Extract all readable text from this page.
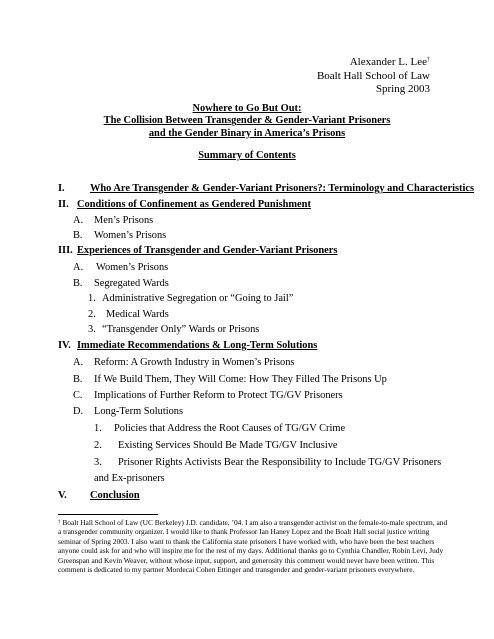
Alexander L. Lee†
Boalt Hall School of Law
Spring 2003
Nowhere to Go But Out:
The Collision Between Transgender & Gender-Variant Prisoners
and the Gender Binary in America’s Prisons
Summary of Contents
I. Who Are Transgender & Gender-Variant Prisoners?: Terminology and Characteristics
II. Conditions of Confinement as Gendered Punishment
A. Men’s Prisons
B. Women’s Prisons
III. Experiences of Transgender and Gender-Variant Prisoners
A. Women’s Prisons
B. Segregated Wards
1. Administrative Segregation or “Going to Jail”
2. Medical Wards
3. “Transgender Only” Wards or Prisons
IV. Immediate Recommendations & Long-Term Solutions
A. Reform: A Growth Industry in Women’s Prisons
B. If We Build Them, They Will Come: How They Filled The Prisons Up
C. Implications of Further Reform to Protect TG/GV Prisoners
D. Long-Term Solutions
1. Policies that Address the Root Causes of TG/GV Crime
2. Existing Services Should Be Made TG/GV Inclusive
3. Prisoner Rights Activists Bear the Responsibility to Include TG/GV Prisoners
and Ex-prisoners
V. Conclusion
† Boalt Hall School of Law (UC Berkeley) J.D. candidate, ’04. I am also a transgender activist on the female-to-male spectrum, and a transgender community organizer. I would like to thank Professor Ian Haney Lopez and the Boalt Hall social justice writing seminar of Spring 2003. I also want to thank the California state prisoners I have worked with, who have been the best teachers anyone could ask for and who will inspire me for the rest of my days. Additional thanks go to Cynthia Chandler, Robin Levi, Judy Greenspan and Kevin Weaver, without whose input, support, and generosity this comment would never have been written. This comment is dedicated to my partner Mordecai Cohen Ettinger and transgender and gender-variant prisoners everywhere.
